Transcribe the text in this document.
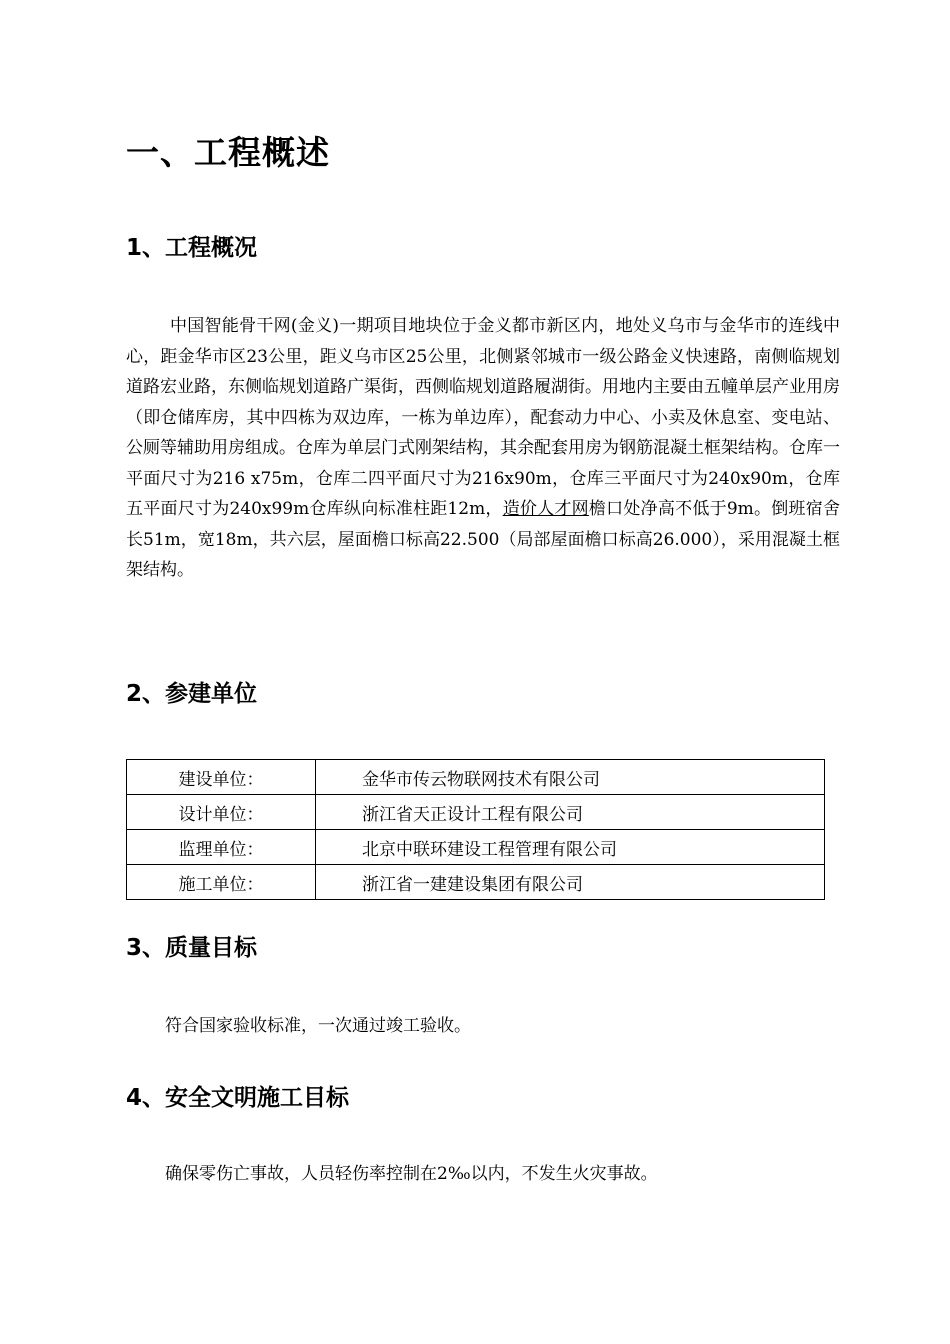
一、工程概述
1、工程概况

中国智能骨干网(金义)一期项目地块位于金义都市新区内，地处义乌市与金华市的连线中心，距金华市区23公里，距义乌市区25公里，北侧紧邻城市一级公路金义快速路，南侧临规划道路宏业路，东侧临规划道路广渠街，西侧临规划道路履湖街。用地内主要由五幢单层产业用房（即仓储库房，其中四栋为双边库，一栋为单边库），配套动力中心、小卖及休息室、变电站、公厕等辅助用房组成。仓库为单层门式刚架结构，其余配套用房为钢筋混凝土框架结构。仓库一平面尺寸为216 x75m，仓库二四平面尺寸为216x90m，仓库三平面尺寸为240x90m，仓库五平面尺寸为240x99m仓库纵向标准柱距12m，造价人才网檐口处净高不低于9m。倒班宿舍长51m，宽18m，共六层，屋面檐口标高22.500（局部屋面檐口标高26.000），采用混凝土框架结构。

2、参建单位
建设单位：	金华市传云物联网技术有限公司
设计单位：	浙江省天正设计工程有限公司
监理单位：	北京中联环建设工程管理有限公司
施工单位：	浙江省一建建设集团有限公司
3、质量目标

符合国家验收标准，一次通过竣工验收。

4、安全文明施工目标

确保零伤亡事故，人员轻伤率控制在2‰以内，不发生火灾事故。
